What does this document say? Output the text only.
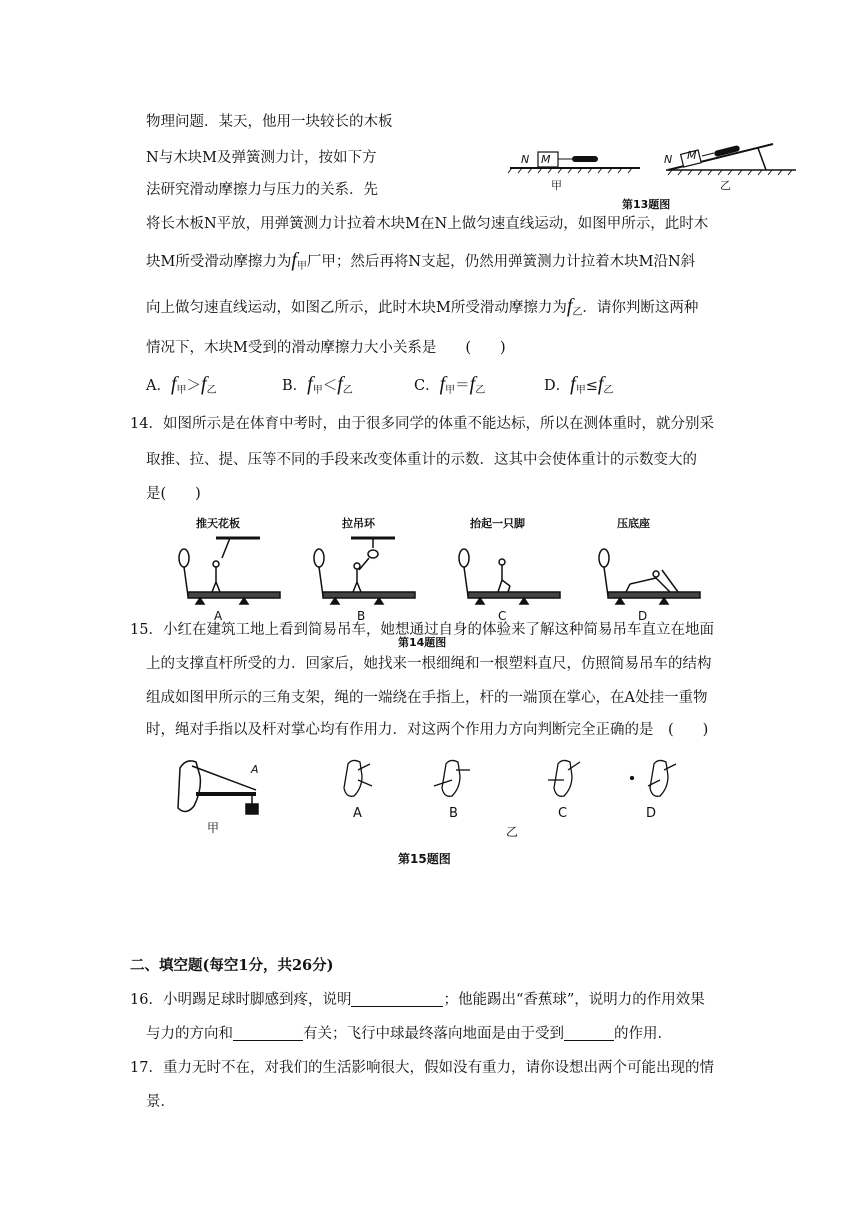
物理问题．某天，他用一块较长的木板
N与木块M及弹簧测力计，按如下方
法研究滑动摩擦力与压力的关系．先
N M	N M
甲	乙
第13题图
将长木板N平放，用弹簧测力计拉着木块M在N上做匀速直线运动，如图甲所示，此时木
块M所受滑动摩擦力为$f_甲$厂甲；然后再将N支起，仍然用弹簧测力计拉着木块M沿N斜
向上做匀速直线运动，如图乙所示，此时木块M所受滑动摩擦力为$f_乙$．请你判断这两种
情况下，木块M受到的滑动摩擦力大小关系是　　(　　)
A．$f_甲>f_乙$	B．$f_甲<f_乙$	C．$f_甲=f_乙$	D．$f_甲\le f_乙$
14．如图所示是在体育中考时，由于很多同学的体重不能达标，所以在测体重时，就分别采
取推、拉、提、压等不同的手段来改变体重计的示数．这其中会使体重计的示数变大的
是(　　)
推天花板	拉吊环	抬起一只脚	压底座
A	B	C	D
15．小红在建筑工地上看到简易吊车，她想通过自身的体验来了解这种简易吊车直立在地面
第14题图
上的支撑直杆所受的力．回家后，她找来一根细绳和一根塑料直尺，仿照简易吊车的结构
组成如图甲所示的三角支架，绳的一端绕在手指上，杆的一端顶在掌心，在A处挂一重物
时，绳对手指以及杆对掌心均有作用力．对这两个作用力方向判断完全正确的是　(　　)
A
A	B	C	D
甲	乙
第15题图
二、填空题(每空1分，共26分)
16．小明踢足球时脚感到疼，说明	；他能踢出“香蕉球”，说明力的作用效果
与力的方向和	有关；飞行中球最终落向地面是由于受到	的作用．
17．重力无时不在，对我们的生活影响很大，假如没有重力，请你设想出两个可能出现的情
景．
